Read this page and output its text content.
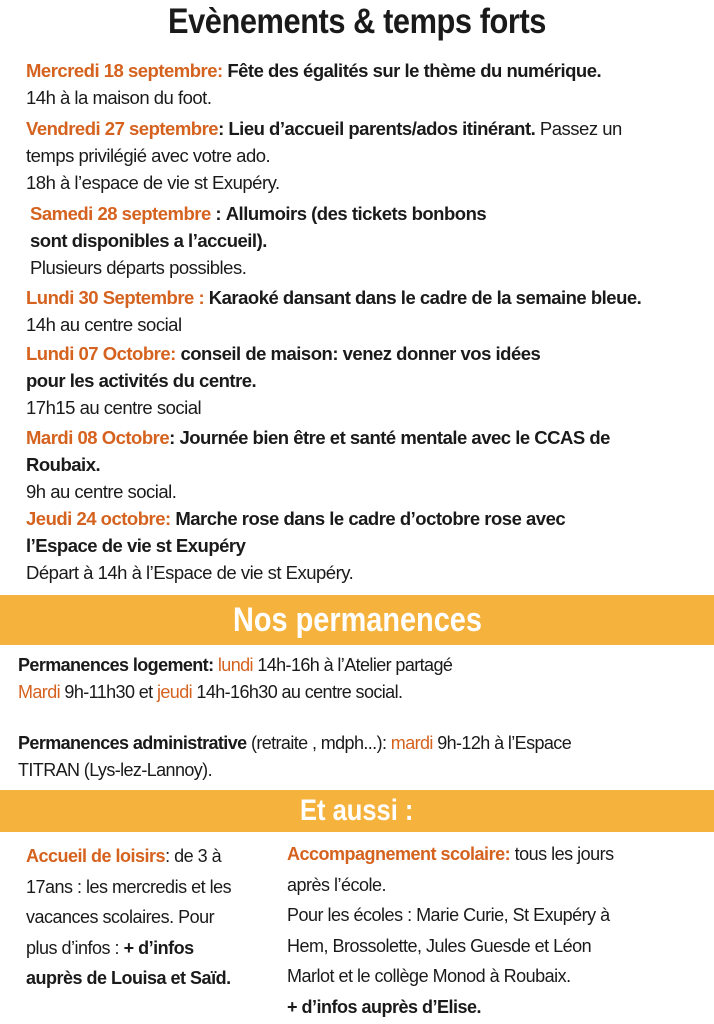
Evènements & temps forts
Mercredi 18 septembre: Fête des égalités sur le thème du numérique.
14h à la maison du foot.
Vendredi 27 septembre: Lieu d’accueil parents/ados itinérant. Passez un
temps privilégié avec votre ado.
18h à l’espace de vie st Exupéry.
Samedi 28 septembre : Allumoirs (des tickets bonbons
sont disponibles a l’accueil).
Plusieurs départs possibles.
Lundi 30 Septembre : Karaoké dansant dans le cadre de la semaine bleue.
14h au centre social
Lundi 07 Octobre: conseil de maison: venez donner vos idées
pour les activités du centre.
17h15 au centre social
Mardi 08 Octobre: Journée bien être et santé mentale avec le CCAS de
Roubaix.
9h au centre social.
Jeudi 24 octobre: Marche rose dans le cadre d’octobre rose avec
l’Espace de vie st Exupéry
Départ à 14h à l’Espace de vie st Exupéry.
Nos permanences
Permanences logement: lundi 14h-16h à l’Atelier partagé
Mardi 9h-11h30 et jeudi 14h-16h30 au centre social.
Permanences administrative (retraite , mdph...): mardi 9h-12h à l’Espace
TITRAN (Lys-lez-Lannoy).
Et aussi :
Accueil de loisirs: de 3 à
17ans : les mercredis et les
vacances scolaires. Pour
plus d’infos : + d’infos
auprès de Louisa et Saïd.
Accompagnement scolaire: tous les jours
après l’école.
Pour les écoles : Marie Curie, St Exupéry à
Hem, Brossolette, Jules Guesde et Léon
Marlot et le collège Monod à Roubaix.
+ d’infos auprès d’Elise.
